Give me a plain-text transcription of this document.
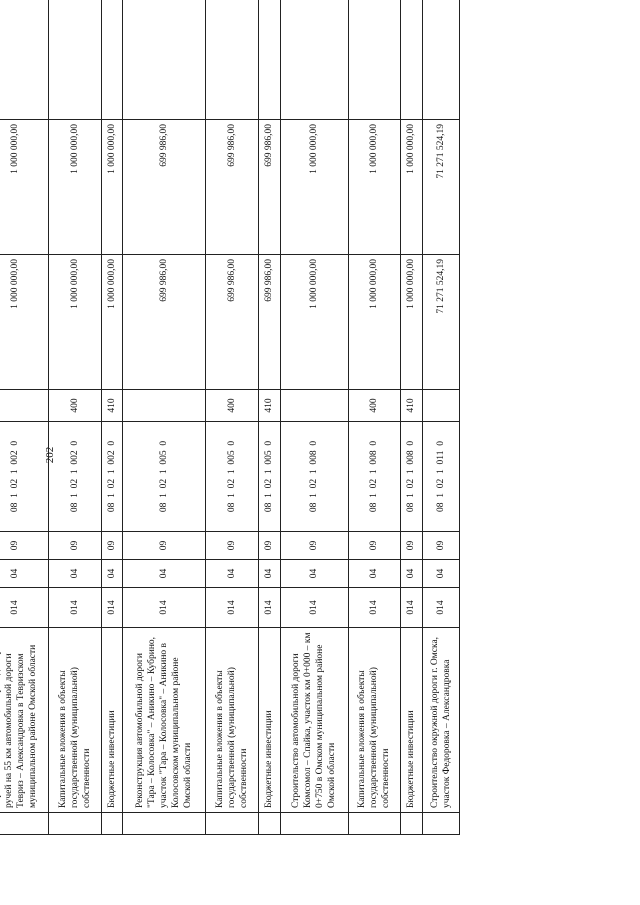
202

	ручей на 55 км автомобильной дороги Тевриз – Александровка в Тевризском муниципальном районе Омской области	014	04	09	08  1  02  1  002  0		1 000 000,00	1 000 000,00	
	Капитальные вложения в объекты государственной (муниципальной) собственности	014	04	09	08  1  02  1  002  0	400	1 000 000,00	1 000 000,00	
	Бюджетные инвестиции	014	04	09	08  1  02  1  002  0	410	1 000 000,00	1 000 000,00	
	Реконструкция автомобильной дороги "Тара – Колосовка" – Аникино – Кубрино, участок "Тара – Колосовка" – Аникино в Колосовском муниципальном районе Омской области	014	04	09	08  1  02  1  005  0		699 986,00	699 986,00	
	Капитальные вложения в объекты государственной (муниципальной) собственности	014	04	09	08  1  02  1  005  0	400	699 986,00	699 986,00	
	Бюджетные инвестиции	014	04	09	08  1  02  1  005  0	410	699 986,00	699 986,00	
	Строительство автомобильной дороги Комсомол – Спайка, участок км 0+000 – км 0+750 в Омском муниципальном районе Омской области	014	04	09	08  1  02  1  008  0		1 000 000,00	1 000 000,00	
	Капитальные вложения в объекты государственной (муниципальной) собственности	014	04	09	08  1  02  1  008  0	400	1 000 000,00	1 000 000,00	
	Бюджетные инвестиции	014	04	09	08  1  02  1  008  0	410	1 000 000,00	1 000 000,00	
	Строительство окружной дороги г. Омска, участок Федоровка – Александровка	014	04	09	08  1  02  1  011  0		71 271 524,19	71 271 524,19	
